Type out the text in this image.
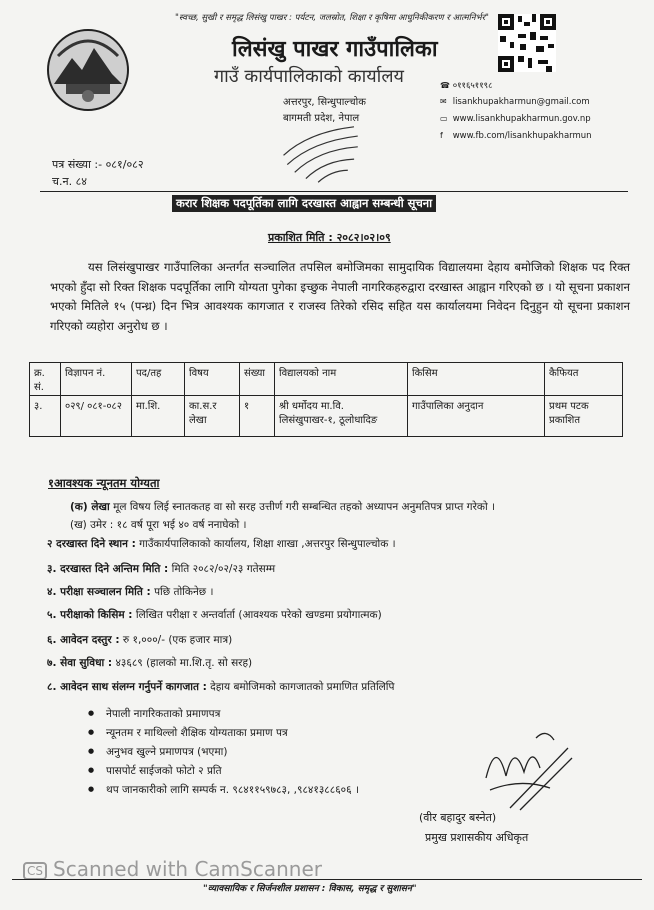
"स्वच्छ, सुखी र समृद्ध लिसंखु पाखर : पर्यटन, जलस्रोत, शिक्षा र कृषिमा आधुनिकीकरण र आत्मनिर्भर"
लिसंखु पाखर गाउँपालिका
गाउँ कार्यपालिकाको कार्यालय
अत्तरपुर, सिन्धुपाल्चोक
बागमती प्रदेश, नेपाल
☎ ०११६५११९८
✉ lisankhupakharmun@gmail.com
▭ www.lisankhupakharmun.gov.np
f www.fb.com/lisankhupakharmun
पत्र संख्या :- ०८१/०८२
च.न. ८४
करार शिक्षक पदपूर्तिका लागि दरखास्त आह्वान सम्बन्धी सूचना
प्रकाशित मिति : २०८२।०२।०९
यस लिसंखुपाखर गाउँपालिका अन्तर्गत सञ्चालित तपसिल बमोजिमका सामुदायिक विद्यालयमा देहाय बमोजिको शिक्षक पद रिक्त भएको हुँदा सो रिक्त शिक्षक पदपूर्तिका लागि योग्यता पुगेका इच्छुक नेपाली नागरिकहरुद्वारा दरखास्त आह्वान गरिएको छ । यो सूचना प्रकाशन भएको मितिले १५ (पन्ध्र) दिन भित्र आवश्यक कागजात र राजस्व तिरेको रसिद सहित यस कार्यालयमा निवेदन दिनुहुन यो सूचना प्रकाशन गरिएको व्यहोरा अनुरोध छ ।
क्र. सं.	विज्ञापन नं.	पद/तह	विषय	संख्या	विद्यालयको नाम	किसिम	कैफियत
३.	०२९/ ०८१-०८२	मा.शि.	का.स.र लेखा	१	श्री धर्मोदय मा.वि. लिसंखुपाखर-१, ठूलोधादिङ	गाउँपालिका अनुदान	प्रथम पटक प्रकाशित
१आवश्यक न्यूनतम योग्यता
(क) लेखा मूल विषय लिई स्नातकतह वा सो सरह उत्तीर्ण गरी सम्बन्धित तहको अध्यापन अनुमतिपत्र प्राप्त गरेको ।
(ख) उमेर : १८ वर्ष पूरा भई ४० वर्ष ननाघेको ।
२ दरखास्त दिने स्थान : गाउँकार्यपालिकाको कार्यालय, शिक्षा शाखा ,अत्तरपुर सिन्धुपाल्चोक ।
३. दरखास्त दिने अन्तिम मिति : मिति २०८२/०२/२३ गतेसम्म
४. परीक्षा सञ्चालन मिति : पछि तोकिनेछ ।
५. परीक्षाको किसिम : लिखित परीक्षा र अन्तर्वार्ता (आवश्यक परेको खण्डमा प्रयोगात्मक)
६. आवेदन दस्तुर : रु १,०००/- (एक हजार मात्र)
७. सेवा सुविधा : ४३६८९ (हालको मा.शि.तृ. सो सरह)
८. आवेदन साथ संलग्न गर्नुपर्ने कागजात : देहाय बमोजिमको कागजातको प्रमाणित प्रतिलिपि
● नेपाली नागरिकताको प्रमाणपत्र
● न्यूनतम र माथिल्लो शैक्षिक योग्यताका प्रमाण पत्र
● अनुभव खुल्ने प्रमाणपत्र (भएमा)
● पासपोर्ट साईजको फोटो २ प्रति
● थप जानकारीको लागि सम्पर्क न. ९८४११५९७८३, ,९८४१३८८६०६ ।
(वीर बहादुर बस्नेत)
प्रमुख प्रशासकीय अधिकृत
CS Scanned with CamScanner
"व्यावसायिक र सिर्जनशील प्रशासन : विकास, समृद्ध र सुशासन"
